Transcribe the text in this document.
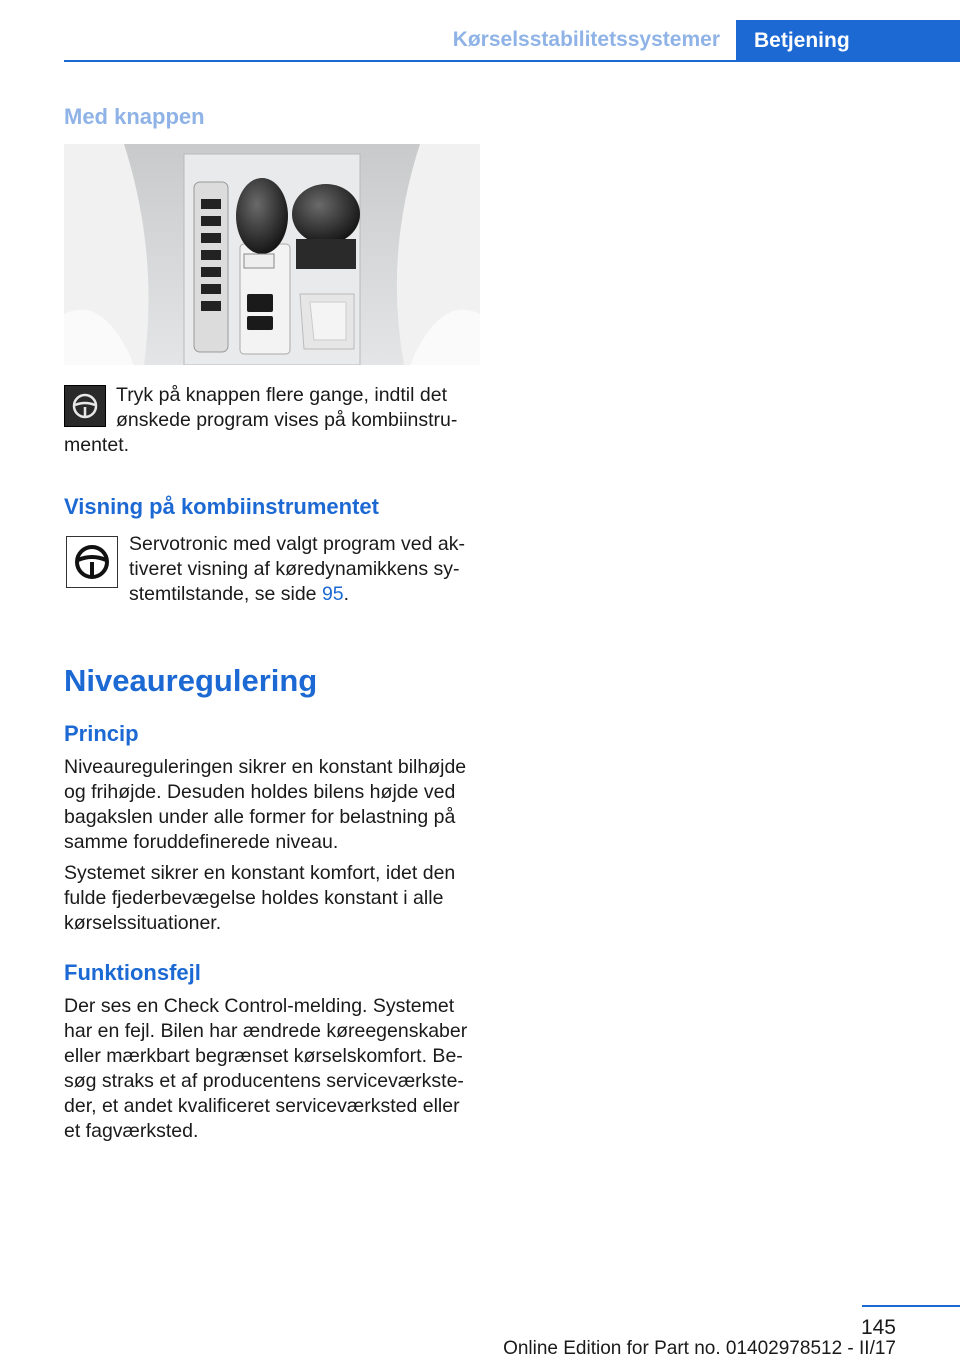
Kørselsstabilitetssystemer	Betjening
Med knappen
Tryk på knappen flere gange, indtil det
ønskede program vises på kombiinstru-
mentet.
Visning på kombiinstrumentet
Servotronic med valgt program ved ak-
tiveret visning af køredynamikkens sy-
stemtilstande, se side 95.
Niveauregulering
Princip
Niveaureguleringen sikrer en konstant bilhøjde
og frihøjde. Desuden holdes bilens højde ved
bagakslen under alle former for belastning på
samme foruddefinerede niveau.
Systemet sikrer en konstant komfort, idet den
fulde fjederbevægelse holdes konstant i alle
kørselssituationer.
Funktionsfejl
Der ses en Check Control-melding. Systemet
har en fejl. Bilen har ændrede køreegenskaber
eller mærkbart begrænset kørselskomfort. Be-
søg straks et af producentens serviceværkste-
der, et andet kvalificeret serviceværksted eller
et fagværksted.
145
Online Edition for Part no. 01402978512 - II/17
